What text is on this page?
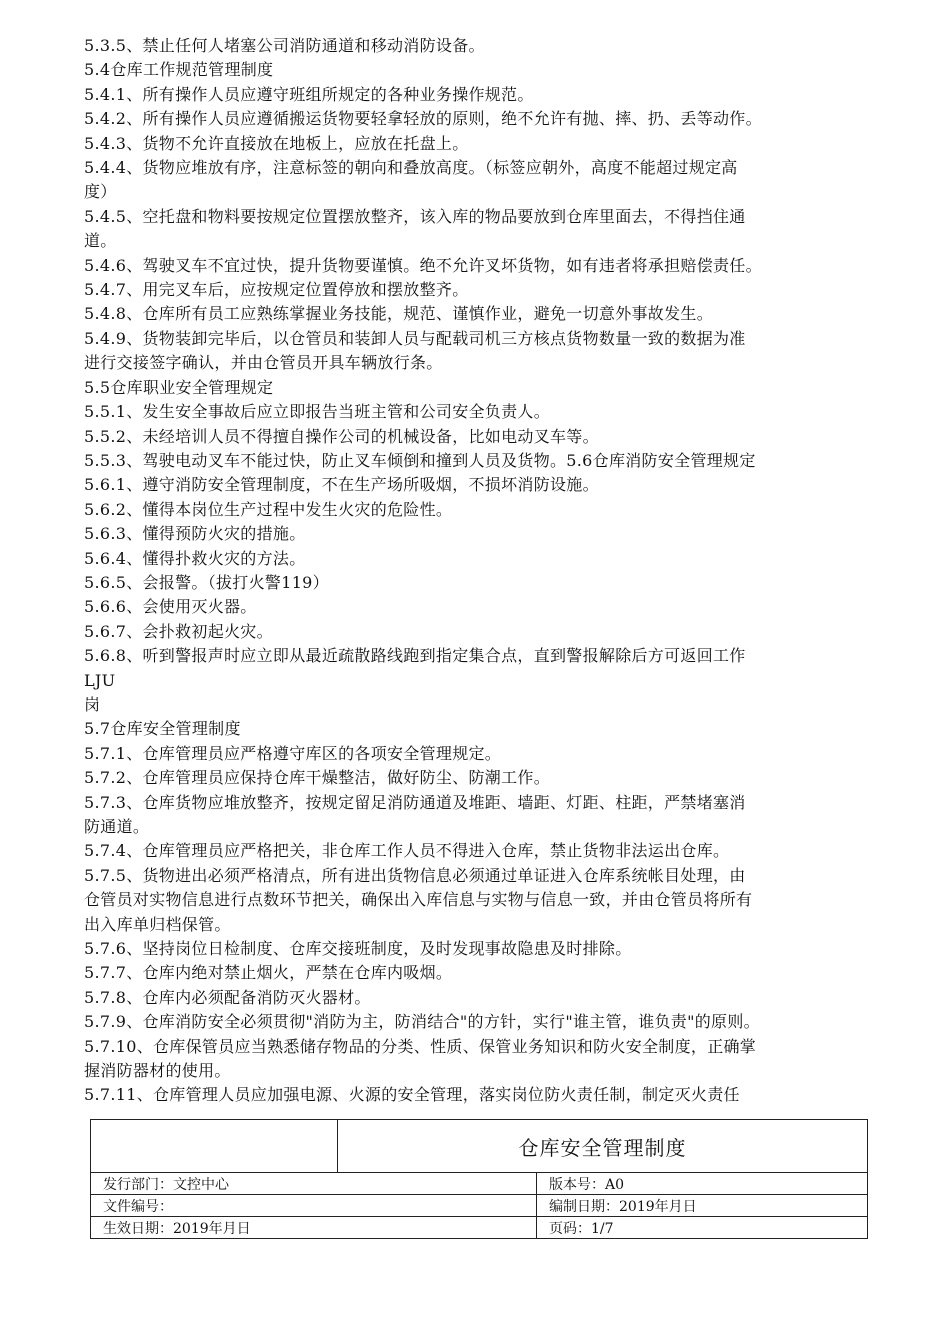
5.3.5、禁止任何人堵塞公司消防通道和移动消防设备。
5.4仓库工作规范管理制度
5.4.1、所有操作人员应遵守班组所规定的各种业务操作规范。
5.4.2、所有操作人员应遵循搬运货物要轻拿轻放的原则，绝不允许有抛、摔、扔、丢等动作。
5.4.3、货物不允许直接放在地板上，应放在托盘上。
5.4.4、货物应堆放有序，注意标签的朝向和叠放高度。（标签应朝外，高度不能超过规定高
度）
5.4.5、空托盘和物料要按规定位置摆放整齐，该入库的物品要放到仓库里面去，不得挡住通
道。
5.4.6、驾驶叉车不宜过快，提升货物要谨慎。绝不允许叉坏货物，如有违者将承担赔偿责任。
5.4.7、用完叉车后，应按规定位置停放和摆放整齐。
5.4.8、仓库所有员工应熟练掌握业务技能，规范、谨慎作业，避免一切意外事故发生。
5.4.9、货物装卸完毕后，以仓管员和装卸人员与配载司机三方核点货物数量一致的数据为准
进行交接签字确认，并由仓管员开具车辆放行条。
5.5仓库职业安全管理规定
5.5.1、发生安全事故后应立即报告当班主管和公司安全负责人。
5.5.2、未经培训人员不得擅自操作公司的机械设备，比如电动叉车等。
5.5.3、驾驶电动叉车不能过快，防止叉车倾倒和撞到人员及货物。5.6仓库消防安全管理规定
5.6.1、遵守消防安全管理制度，不在生产场所吸烟，不损坏消防设施。
5.6.2、懂得本岗位生产过程中发生火灾的危险性。
5.6.3、懂得预防火灾的措施。
5.6.4、懂得扑救火灾的方法。
5.6.5、会报警。（拔打火警119）
5.6.6、会使用灭火器。
5.6.7、会扑救初起火灾。
5.6.8、听到警报声时应立即从最近疏散路线跑到指定集合点，直到警报解除后方可返回工作
LJU
岗
5.7仓库安全管理制度
5.7.1、仓库管理员应严格遵守库区的各项安全管理规定。
5.7.2、仓库管理员应保持仓库干燥整洁，做好防尘、防潮工作。
5.7.3、仓库货物应堆放整齐，按规定留足消防通道及堆距、墙距、灯距、柱距，严禁堵塞消
防通道。
5.7.4、仓库管理员应严格把关，非仓库工作人员不得进入仓库，禁止货物非法运出仓库。
5.7.5、货物进出必须严格清点，所有进出货物信息必须通过单证进入仓库系统帐目处理，由
仓管员对实物信息进行点数环节把关，确保出入库信息与实物与信息一致，并由仓管员将所有
出入库单归档保管。
5.7.6、坚持岗位日检制度、仓库交接班制度，及时发现事故隐患及时排除。
5.7.7、仓库内绝对禁止烟火，严禁在仓库内吸烟。
5.7.8、仓库内必须配备消防灭火器材。
5.7.9、仓库消防安全必须贯彻"消防为主，防消结合"的方针，实行"谁主管，谁负责"的原则。
5.7.10、仓库保管员应当熟悉储存物品的分类、性质、保管业务知识和防火安全制度，正确掌
握消防器材的使用。
5.7.11、仓库管理人员应加强电源、火源的安全管理，落实岗位防火责任制，制定灭火责任
	仓库安全管理制度	
发行部门：文控中心		版本号：A0
文件编号：		编制日期：2019年月日
生效日期：2019年月日		页码：1/7
